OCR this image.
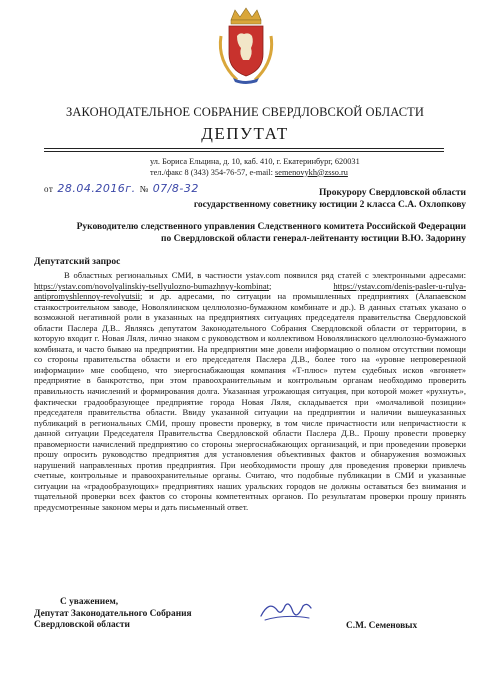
ЗАКОНОДАТЕЛЬНОЕ СОБРАНИЕ СВЕРДЛОВСКОЙ ОБЛАСТИ
ДЕПУТАТ
ул. Бориса Ельцина, д. 10, каб. 410, г. Екатеринбург, 620031
тел./факс 8 (343) 354-76-57, e-mail: semenovykh@zsso.ru
от 28.04.2016г. № 07/8-32	Прокурору Свердловской области
государственному советнику юстиции 2 класса С.А. Охлопкову
Руководителю следственного управления Следственного комитета Российской Федерации
по Свердловской области генерал-лейтенанту юстиции В.Ю. Задорину
Депутатский запрос

В областных региональных СМИ, в частности ystav.com появился ряд статей с электронными адресами: https://ystav.com/novolyalinskiy-tsellyulozno-bumazhnyy-kombinat; https://ystav.com/denis-pasler-u-rulya-antipromyshlennoy-revolyutsii; и др. адресами, по ситуации на промышленных предприятиях (Алапаевском станкостроительном заводе, Новолялинском целлюлозно-бумажном комбинате и др.). В данных статьях указано о возможной негативной роли в указанных на предприятиях ситуациях председателя правительства Свердловской области Паслера Д.В.. Являясь депутатом Законодательного Собрания Свердловской области от территории, в которую входит г. Новая Ляля, лично знаком с руководством и коллективом Новолялинского целлюлозно-бумажного комбината, и часто бываю на предприятии. На предприятии мне довели информацию о полном отсутствии помощи со стороны правительства области и его председателя Паслера Д.В., более того на «уровне непроверенной информации» мне сообщено, что энергоснабжающая компания «Т-плюс» путем судебных исков «вгоняет» предприятие в банкротство, при этом правоохранительным и контрольным органам необходимо проверить правильность начислений и формирования долга. Указанная угрожающая ситуация, при которой может «рухнуть», фактически градообразующее предприятие города Новая Ляля, складывается при «молчаливой позиции» председателя правительства области. Ввиду указанной ситуации на предприятии и наличии вышеуказанных публикаций в региональных СМИ, прошу провести проверку, в том числе причастности или непричастности к данной ситуации Председателя Правительства Свердловской области Паслера Д.В.. Прошу провести проверку правомерности начислений предприятию со стороны энергоснабжающих организаций, и при проведении проверки прошу опросить руководство предприятия для установления объективных фактов и обнаружения возможных нарушений направленных против предприятия. При необходимости прошу для проведения проверки привлечь счетные, контрольные и правоохранительные органы. Считаю, что подобные публикации в СМИ и указанные ситуации на «градообразующих» предприятиях наших уральских городов не должны оставаться без внимания и тщательной проверки всех фактов со стороны компетентных органов. По результатам проверки прошу принять предусмотренные законом меры и дать письменный ответ.

С уважением,
Депутат Законодательного Собрания
Свердловской области	С.М. Семеновых
